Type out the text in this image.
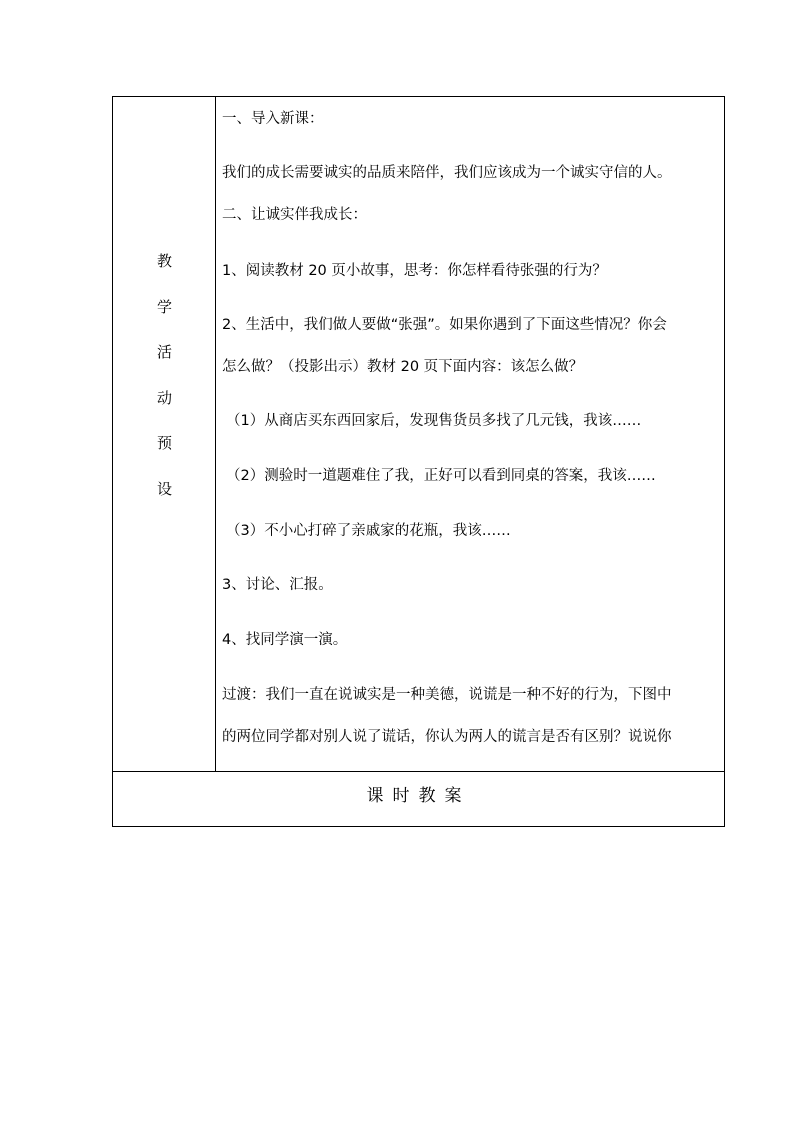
教
学
活
动
预
设
一、导入新课：
我们的成长需要诚实的品质来陪伴，我们应该成为一个诚实守信的人。
二、让诚实伴我成长：
1、阅读教材 20 页小故事，思考：你怎样看待张强的行为？
2、生活中，我们做人要做“张强”。如果你遇到了下面这些情况？你会
怎么做？（投影出示）教材 20 页下面内容：该怎么做？
（1）从商店买东西回家后，发现售货员多找了几元钱，我该……
（2）测验时一道题难住了我，正好可以看到同桌的答案，我该……
（3）不小心打碎了亲戚家的花瓶，我该……
3、讨论、汇报。
4、找同学演一演。
过渡：我们一直在说诚实是一种美德，说谎是一种不好的行为，下图中
的两位同学都对别人说了谎话，你认为两人的谎言是否有区别？说说你
课时教案
